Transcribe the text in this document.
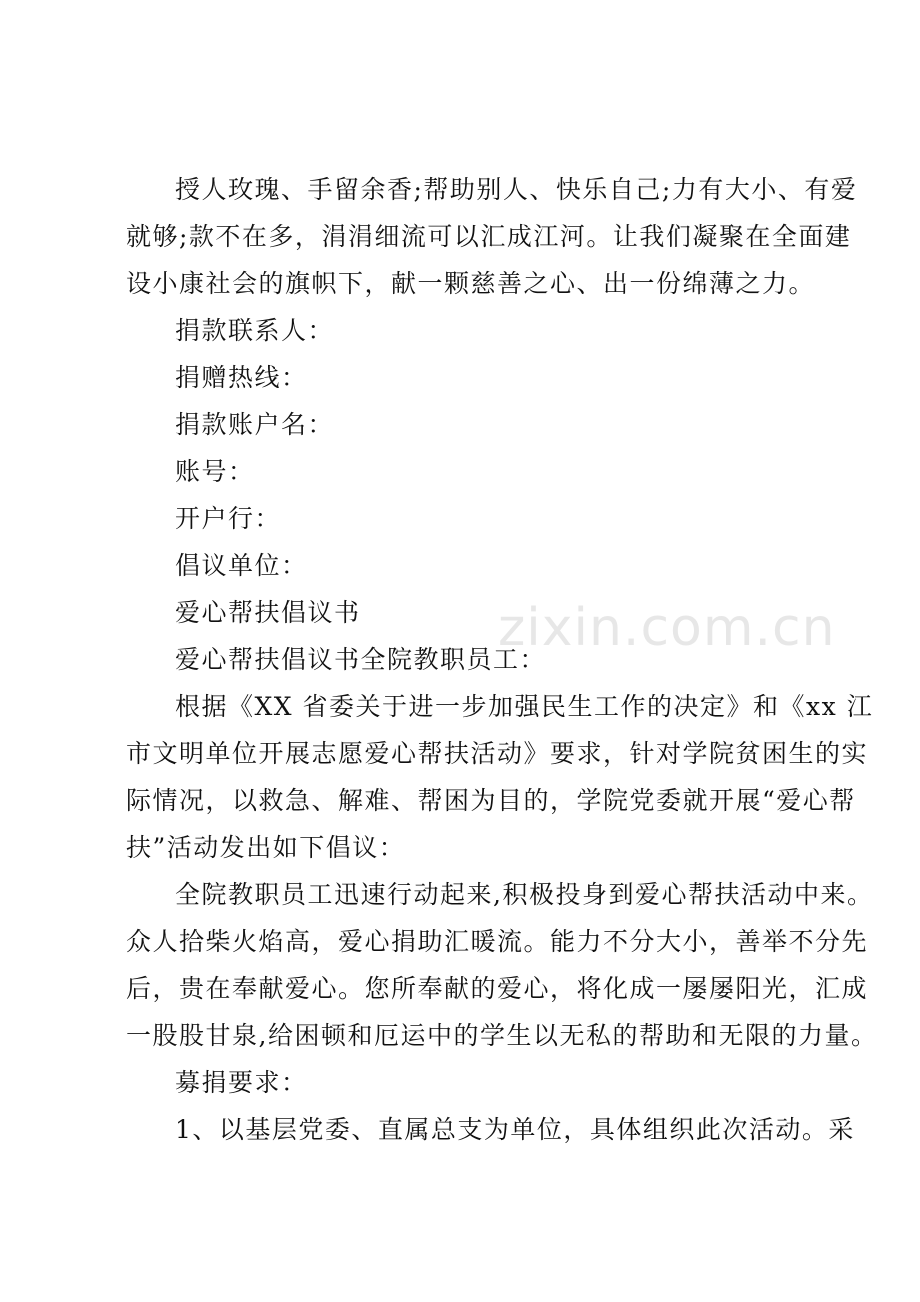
授人玫瑰、手留余香;帮助别人、快乐自己;力有大小、有爱
就够;款不在多，涓涓细流可以汇成江河。让我们凝聚在全面建
设小康社会的旗帜下，献一颗慈善之心、出一份绵薄之力。
捐款联系人：
捐赠热线：
捐款账户名：
账号：
开户行：
倡议单位：
爱心帮扶倡议书
爱心帮扶倡议书全院教职员工：
根据《XX 省委关于进一步加强民生工作的决定》和《xx 江
市文明单位开展志愿爱心帮扶活动》要求，针对学院贫困生的实
际情况，以救急、解难、帮困为目的，学院党委就开展“爱心帮
扶”活动发出如下倡议：
全院教职员工迅速行动起来,积极投身到爱心帮扶活动中来。
众人拾柴火焰高，爱心捐助汇暖流。能力不分大小，善举不分先
后，贵在奉献爱心。您所奉献的爱心，将化成一屡屡阳光，汇成
一股股甘泉,给困顿和厄运中的学生以无私的帮助和无限的力量。
募捐要求：
1、以基层党委、直属总支为单位，具体组织此次活动。采
zixin.com.cn
